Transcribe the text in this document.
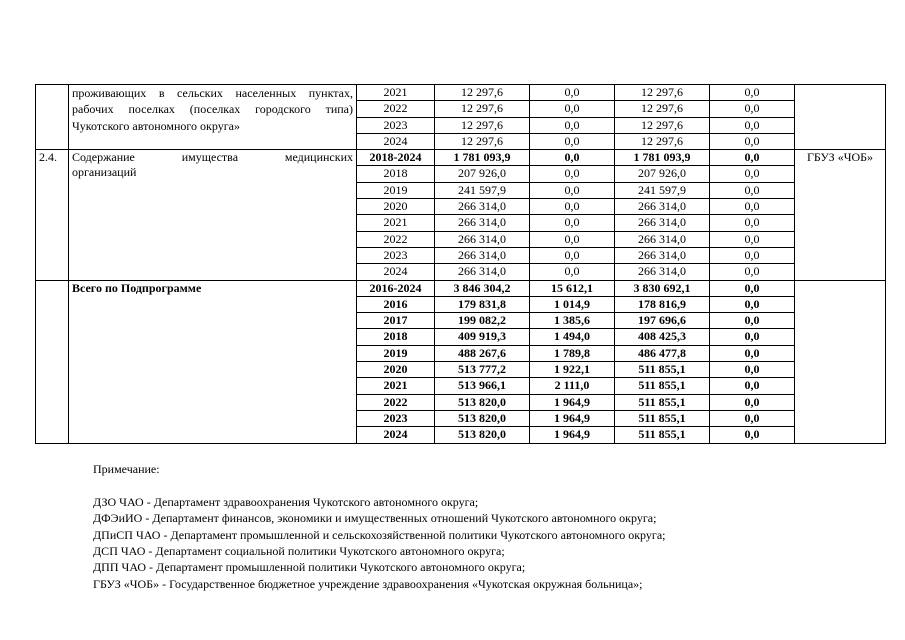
	проживающих в сельских населенных пунктах,
рабочих поселках (поселках городского типа)
Чукотского автономного округа»	2021	12 297,6	0,0	12 297,6	0,0	
		2022	12 297,6	0,0	12 297,6	0,0	
		2023	12 297,6	0,0	12 297,6	0,0	
		2024	12 297,6	0,0	12 297,6	0,0	
2.4.	Содержание имущества медицинских
организаций	2018-2024	1 781 093,9	0,0	1 781 093,9	0,0	ГБУЗ «ЧОБ»
		2018	207 926,0	0,0	207 926,0	0,0	
		2019	241 597,9	0,0	241 597,9	0,0	
		2020	266 314,0	0,0	266 314,0	0,0	
		2021	266 314,0	0,0	266 314,0	0,0	
		2022	266 314,0	0,0	266 314,0	0,0	
		2023	266 314,0	0,0	266 314,0	0,0	
		2024	266 314,0	0,0	266 314,0	0,0	
	Всего по Подпрограмме	2016-2024	3 846 304,2	15 612,1	3 830 692,1	0,0	
		2016	179 831,8	1 014,9	178 816,9	0,0	
		2017	199 082,2	1 385,6	197 696,6	0,0	
		2018	409 919,3	1 494,0	408 425,3	0,0	
		2019	488 267,6	1 789,8	486 477,8	0,0	
		2020	513 777,2	1 922,1	511 855,1	0,0	
		2021	513 966,1	2 111,0	511 855,1	0,0	
		2022	513 820,0	1 964,9	511 855,1	0,0	
		2023	513 820,0	1 964,9	511 855,1	0,0	
		2024	513 820,0	1 964,9	511 855,1	0,0	

Примечание:

ДЗО ЧАО - Департамент здравоохранения Чукотского автономного округа;

ДФЭиИО - Департамент финансов, экономики и имущественных отношений Чукотского автономного округа;

ДПиСП ЧАО - Департамент промышленной и сельскохозяйственной политики Чукотского автономного округа;

ДСП ЧАО - Департамент социальной политики Чукотского автономного округа;

ДПП ЧАО - Департамент промышленной политики Чукотского автономного округа;

ГБУЗ «ЧОБ» - Государственное бюджетное учреждение здравоохранения «Чукотская окружная больница»;
